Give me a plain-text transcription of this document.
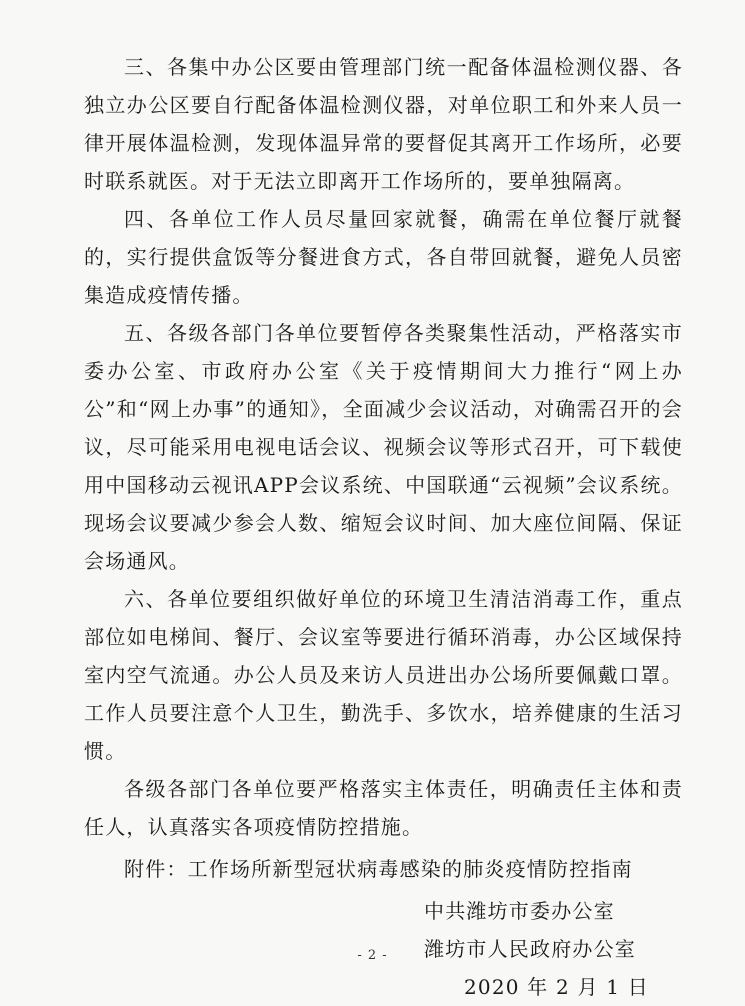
三、各集中办公区要由管理部门统一配备体温检测仪器、各独立办公区要自行配备体温检测仪器，对单位职工和外来人员一律开展体温检测，发现体温异常的要督促其离开工作场所，必要时联系就医。对于无法立即离开工作场所的，要单独隔离。

四、各单位工作人员尽量回家就餐，确需在单位餐厅就餐的，实行提供盒饭等分餐进食方式，各自带回就餐，避免人员密集造成疫情传播。

五、各级各部门各单位要暂停各类聚集性活动，严格落实市委办公室、市政府办公室《关于疫情期间大力推行“网上办公”和“网上办事”的通知》，全面减少会议活动，对确需召开的会议，尽可能采用电视电话会议、视频会议等形式召开，可下载使用中国移动云视讯APP会议系统、中国联通“云视频”会议系统。现场会议要减少参会人数、缩短会议时间、加大座位间隔、保证会场通风。

六、各单位要组织做好单位的环境卫生清洁消毒工作，重点部位如电梯间、餐厅、会议室等要进行循环消毒，办公区域保持室内空气流通。办公人员及来访人员进出办公场所要佩戴口罩。工作人员要注意个人卫生，勤洗手、多饮水，培养健康的生活习惯。

各级各部门各单位要严格落实主体责任，明确责任主体和责任人，认真落实各项疫情防控措施。

附件：工作场所新型冠状病毒感染的肺炎疫情防控指南

中共潍坊市委办公室
潍坊市人民政府办公室
2020 年 2 月 1 日
- 2 -
